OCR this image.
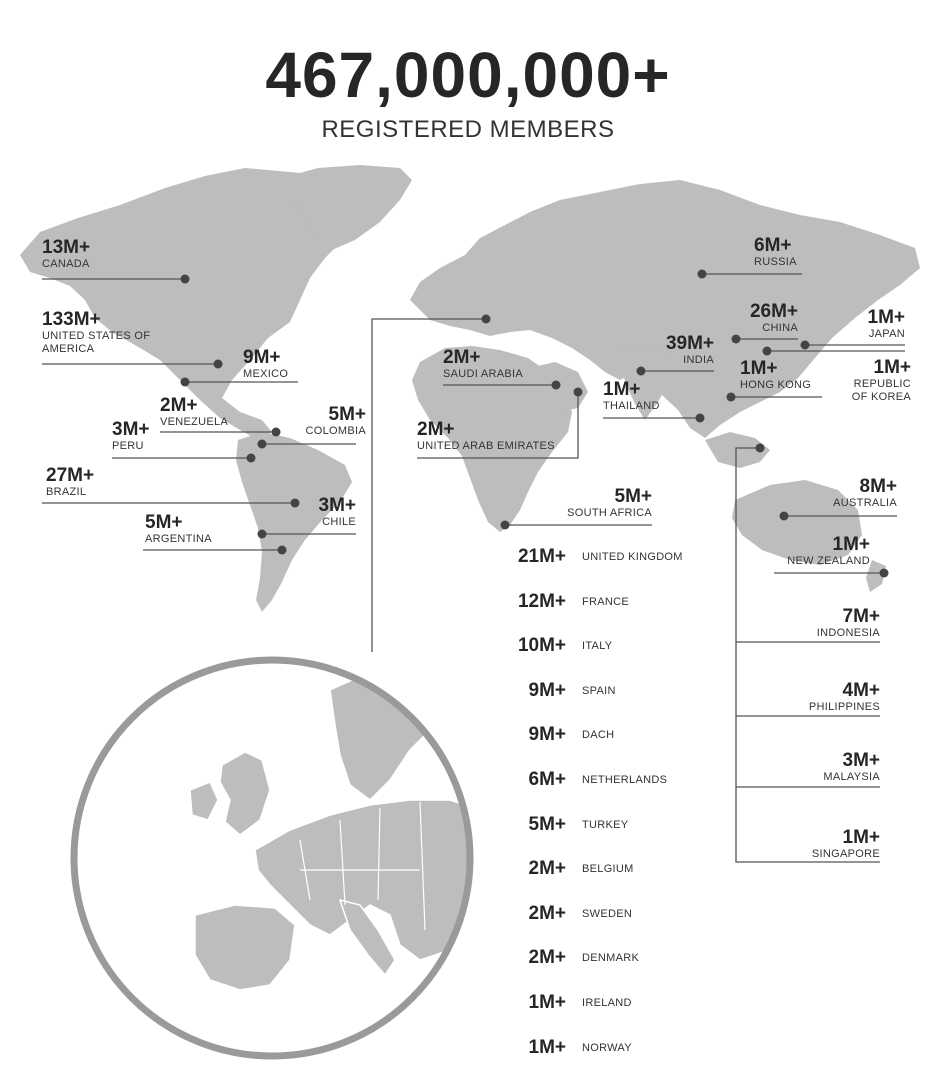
467,000,000+
REGISTERED MEMBERS
13M+
CANADA
133M+
UNITED STATES OF
AMERICA	9M+
MEXICO
2M+
VENEZUELA	5M+
COLOMBIA
3M+
PERU
27M+
BRAZIL
3M+
CHILE
5M+
ARGENTINA
2M+
SAUDI ARABIA
2M+
UNITED ARAB EMIRATES
39M+
INDIA
1M+
THAILAND
6M+
RUSSIA
26M+
CHINA
1M+
HONG KONG
1M+
JAPAN
1M+
REPUBLIC
OF KOREA
5M+
SOUTH AFRICA
8M+
AUSTRALIA
1M+
NEW ZEALAND
7M+
INDONESIA
4M+
PHILIPPINES
3M+
MALAYSIA
1M+
SINGAPORE
21M+ UNITED KINGDOM
12M+ FRANCE
10M+ ITALY
9M+ SPAIN
9M+ DACH
6M+ NETHERLANDS
5M+ TURKEY
2M+ BELGIUM
2M+ SWEDEN
2M+ DENMARK
1M+ IRELAND
1M+ NORWAY
